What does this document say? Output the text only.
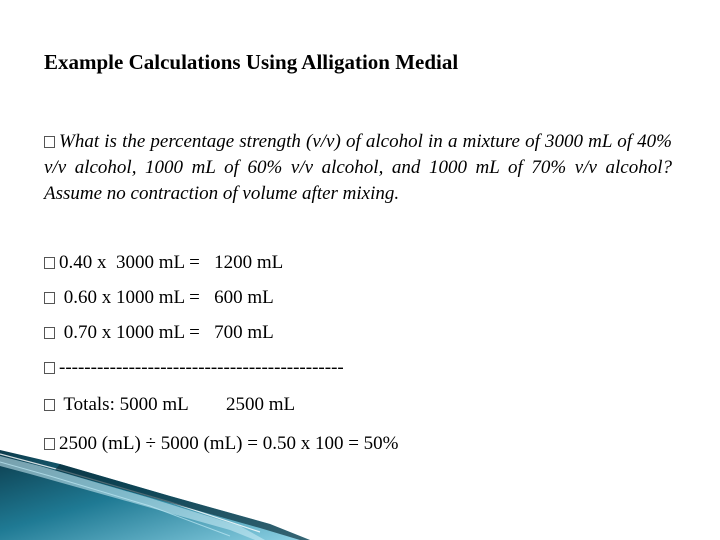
Example Calculations Using Alligation Medial
What is the percentage strength (v/v) of alcohol in a mixture of 3000 mL of 40% v/v alcohol, 1000 mL of 60% v/v alcohol, and 1000 mL of 70% v/v alcohol? Assume no contraction of volume after mixing.
0.40 x  3000 mL =   1200 mL
0.60 x 1000 mL =   600 mL
0.70 x 1000 mL =   700 mL
---------------------------------------------
Totals: 5000 mL        2500 mL
2500 (mL) ÷ 5000 (mL) = 0.50 x 100 = 50%
